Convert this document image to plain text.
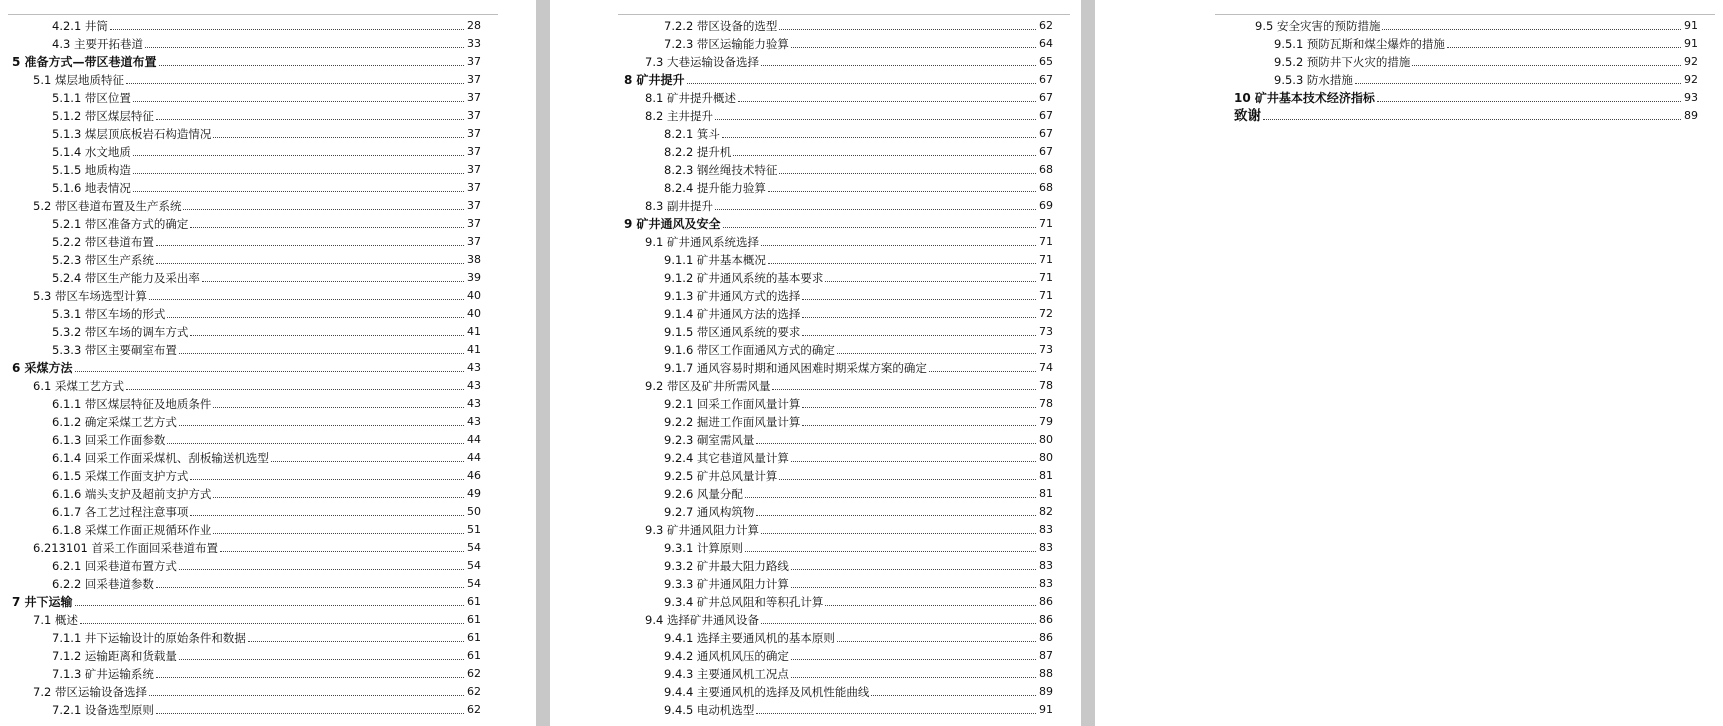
4.2.1 井筒	28
4.3 主要开拓巷道	33
5 准备方式—带区巷道布置	37
5.1 煤层地质特征	37
5.1.1 带区位置	37
5.1.2 带区煤层特征	37
5.1.3 煤层顶底板岩石构造情况	37
5.1.4 水文地质	37
5.1.5 地质构造	37
5.1.6 地表情况	37
5.2 带区巷道布置及生产系统	37
5.2.1 带区准备方式的确定	37
5.2.2 带区巷道布置	37
5.2.3 带区生产系统	38
5.2.4 带区生产能力及采出率	39
5.3 带区车场选型计算	40
5.3.1 带区车场的形式	40
5.3.2 带区车场的调车方式	41
5.3.3 带区主要硐室布置	41
6 采煤方法	43
6.1 采煤工艺方式	43
6.1.1 带区煤层特征及地质条件	43
6.1.2 确定采煤工艺方式	43
6.1.3 回采工作面参数	44
6.1.4 回采工作面采煤机、刮板输送机选型	44
6.1.5 采煤工作面支护方式	46
6.1.6 端头支护及超前支护方式	49
6.1.7 各工艺过程注意事项	50
6.1.8 采煤工作面正规循环作业	51
6.213101 首采工作面回采巷道布置	54
6.2.1 回采巷道布置方式	54
6.2.2 回采巷道参数	54
7 井下运输	61
7.1 概述	61
7.1.1 井下运输设计的原始条件和数据	61
7.1.2 运输距离和货载量	61
7.1.3 矿井运输系统	62
7.2 带区运输设备选择	62
7.2.1 设备选型原则	62
7.2.2 带区设备的选型	62
7.2.3 带区运输能力验算	64
7.3 大巷运输设备选择	65
8 矿井提升	67
8.1 矿井提升概述	67
8.2 主井提升	67
8.2.1 箕斗	67
8.2.2 提升机	67
8.2.3 钢丝绳技术特征	68
8.2.4 提升能力验算	68
8.3 副井提升	69
9 矿井通风及安全	71
9.1 矿井通风系统选择	71
9.1.1 矿井基本概况	71
9.1.2 矿井通风系统的基本要求	71
9.1.3 矿井通风方式的选择	71
9.1.4 矿井通风方法的选择	72
9.1.5 带区通风系统的要求	73
9.1.6 带区工作面通风方式的确定	73
9.1.7 通风容易时期和通风困难时期采煤方案的确定	74
9.2 带区及矿井所需风量	78
9.2.1 回采工作面风量计算	78
9.2.2 掘进工作面风量计算	79
9.2.3 硐室需风量	80
9.2.4 其它巷道风量计算	80
9.2.5 矿井总风量计算	81
9.2.6 风量分配	81
9.2.7 通风构筑物	82
9.3 矿井通风阻力计算	83
9.3.1 计算原则	83
9.3.2 矿井最大阻力路线	83
9.3.3 矿井通风阻力计算	83
9.3.4 矿井总风阻和等积孔计算	86
9.4 选择矿井通风设备	86
9.4.1 选择主要通风机的基本原则	86
9.4.2 通风机风压的确定	87
9.4.3 主要通风机工况点	88
9.4.4 主要通风机的选择及风机性能曲线	89
9.4.5 电动机选型	91
9.5 安全灾害的预防措施	91
9.5.1 预防瓦斯和煤尘爆炸的措施	91
9.5.2 预防井下火灾的措施	92
9.5.3 防水措施	92
10 矿井基本技术经济指标	93
致谢	89
